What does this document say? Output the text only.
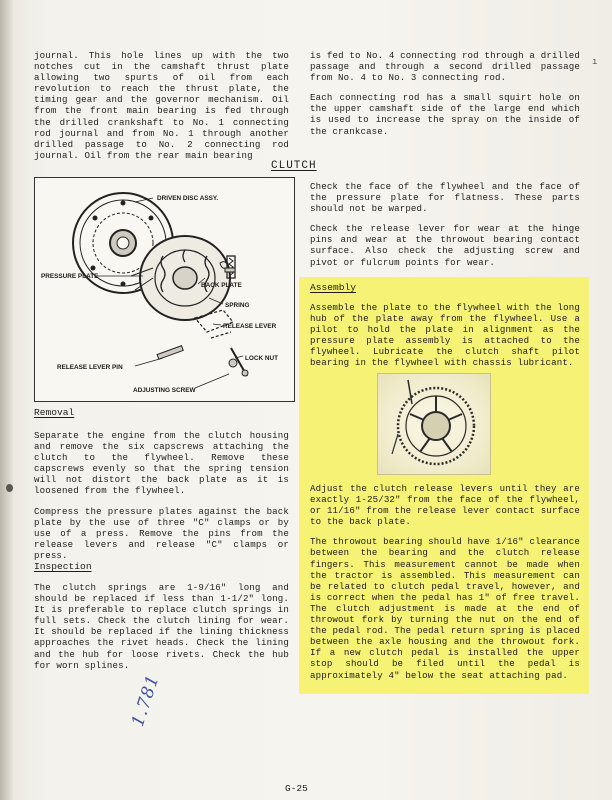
ı

journal. This hole lines up with the two notches cut in the camshaft thrust plate allowing two spurts of oil from each revolution to reach the thrust plate, the timing gear and the governor mechanism. Oil from the front main bearing is fed through the drilled crankshaft to No. 1 connecting rod journal and from No. 1 through another drilled passage to No. 2 connecting rod journal. Oil from the rear main bearing

is fed to No. 4 connecting rod through a drilled passage and through a second drilled passage from No. 4 to No. 3 connecting rod.

Each connecting rod has a small squirt hole on the upper camshaft side of the large end which is used to increase the spray on the inside of the crankcase.

CLUTCH
DRIVEN DISC ASSY.
PRESSURE PLATE
BACK PLATE
SPRING
RELEASE LEVER
LOCK NUT
RELEASE LEVER PIN
ADJUSTING SCREW
Removal

Separate the engine from the clutch housing and remove the six capscrews attaching the clutch to the flywheel. Remove these capscrews evenly so that the spring tension will not distort the back plate as it is loosened from the flywheel.

Compress the pressure plates against the back plate by the use of three "C" clamps or by use of a press. Remove the pins from the release levers and release "C" clamps or press.

Inspection

The clutch springs are 1-9/16" long and should be replaced if less than 1-1/2" long. It is preferable to replace clutch springs in full sets. Check the clutch lining for wear. It should be replaced if the lining thickness approaches the rivet heads. Check the lining and the hub for loose rivets. Check the hub for worn splines.

Check the face of the flywheel and the face of the pressure plate for flatness. These parts should not be warped.

Check the release lever for wear at the hinge pins and wear at the throwout bearing contact surface. Also check the adjusting screw and pivot or fulcrum points for wear.

Assembly

Assemble the plate to the flywheel with the long hub of the plate away from the flywheel. Use a pilot to hold the plate in alignment as the pressure plate assembly is attached to the flywheel. Lubricate the clutch shaft pilot bearing in the flywheel with chassis lubricant.

Adjust the clutch release levers until they are exactly 1-25/32" from the face of the flywheel, or 11/16" from the release lever contact surface to the back plate.

The throwout bearing should have 1/16" clearance between the bearing and the clutch release fingers. This measurement cannot be made when the tractor is assembled. This measurement can be related to clutch pedal travel, however, and is correct when the pedal has 1" of free travel. The clutch adjustment is made at the end of throwout fork by turning the nut on the end of the pedal rod. The pedal return spring is placed between the axle housing and the throwout fork. If a new clutch pedal is installed the upper stop should be filed until the pedal is approximately 4" below the seat attaching pad.

1.781
G-25
